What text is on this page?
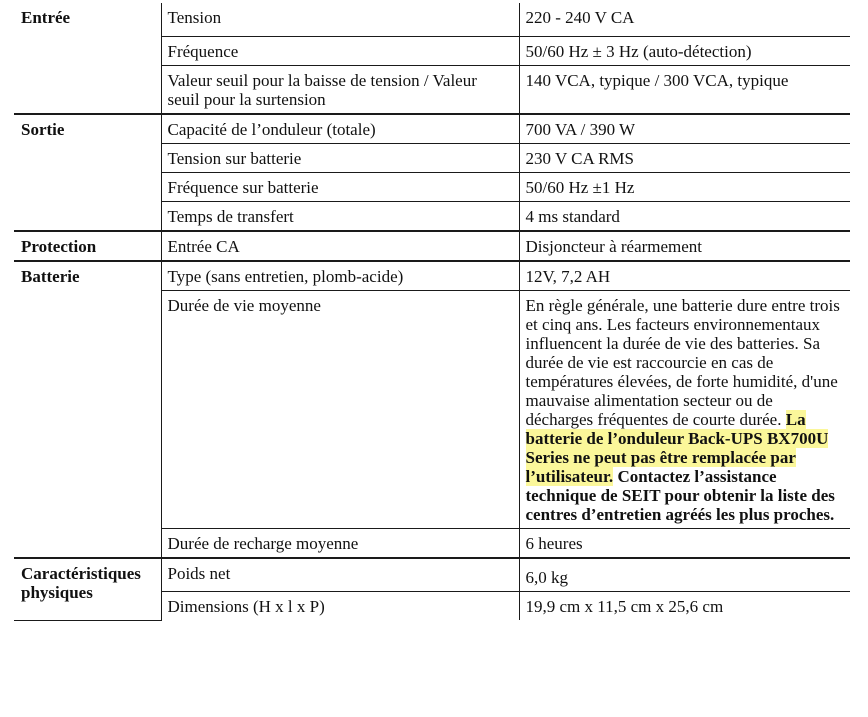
Entrée	Tension	220 - 240 V CA
	Fréquence	50/60 Hz ± 3 Hz (auto-détection)
	Valeur seuil pour la baisse de tension / Valeur seuil pour la surtension	140 VCA, typique / 300 VCA, typique
Sortie	Capacité de l’onduleur (totale)	700 VA / 390 W
	Tension sur batterie	230 V CA RMS
	Fréquence sur batterie	50/60 Hz ±1 Hz
	Temps de transfert	4 ms standard
Protection	Entrée CA	Disjoncteur à réarmement
Batterie	Type (sans entretien, plomb-acide)	12V, 7,2 AH
	Durée de vie moyenne	En règle générale, une batterie dure entre trois et cinq ans. Les facteurs environnementaux influencent la durée de vie des batteries. Sa durée de vie est raccourcie en cas de températures élevées, de forte humidité, d'une mauvaise alimentation secteur ou de décharges fréquentes de courte durée. La batterie de l’onduleur Back-UPS BX700U Series ne peut pas être remplacée par l’utilisateur. Contactez l’assistance technique de SEIT pour obtenir la liste des centres d’entretien agréés les plus proches.
	Durée de recharge moyenne	6 heures
Caractéristiques physiques	Poids net	6,0 kg
	Dimensions (H x l x P)	19,9 cm x 11,5 cm x 25,6 cm
